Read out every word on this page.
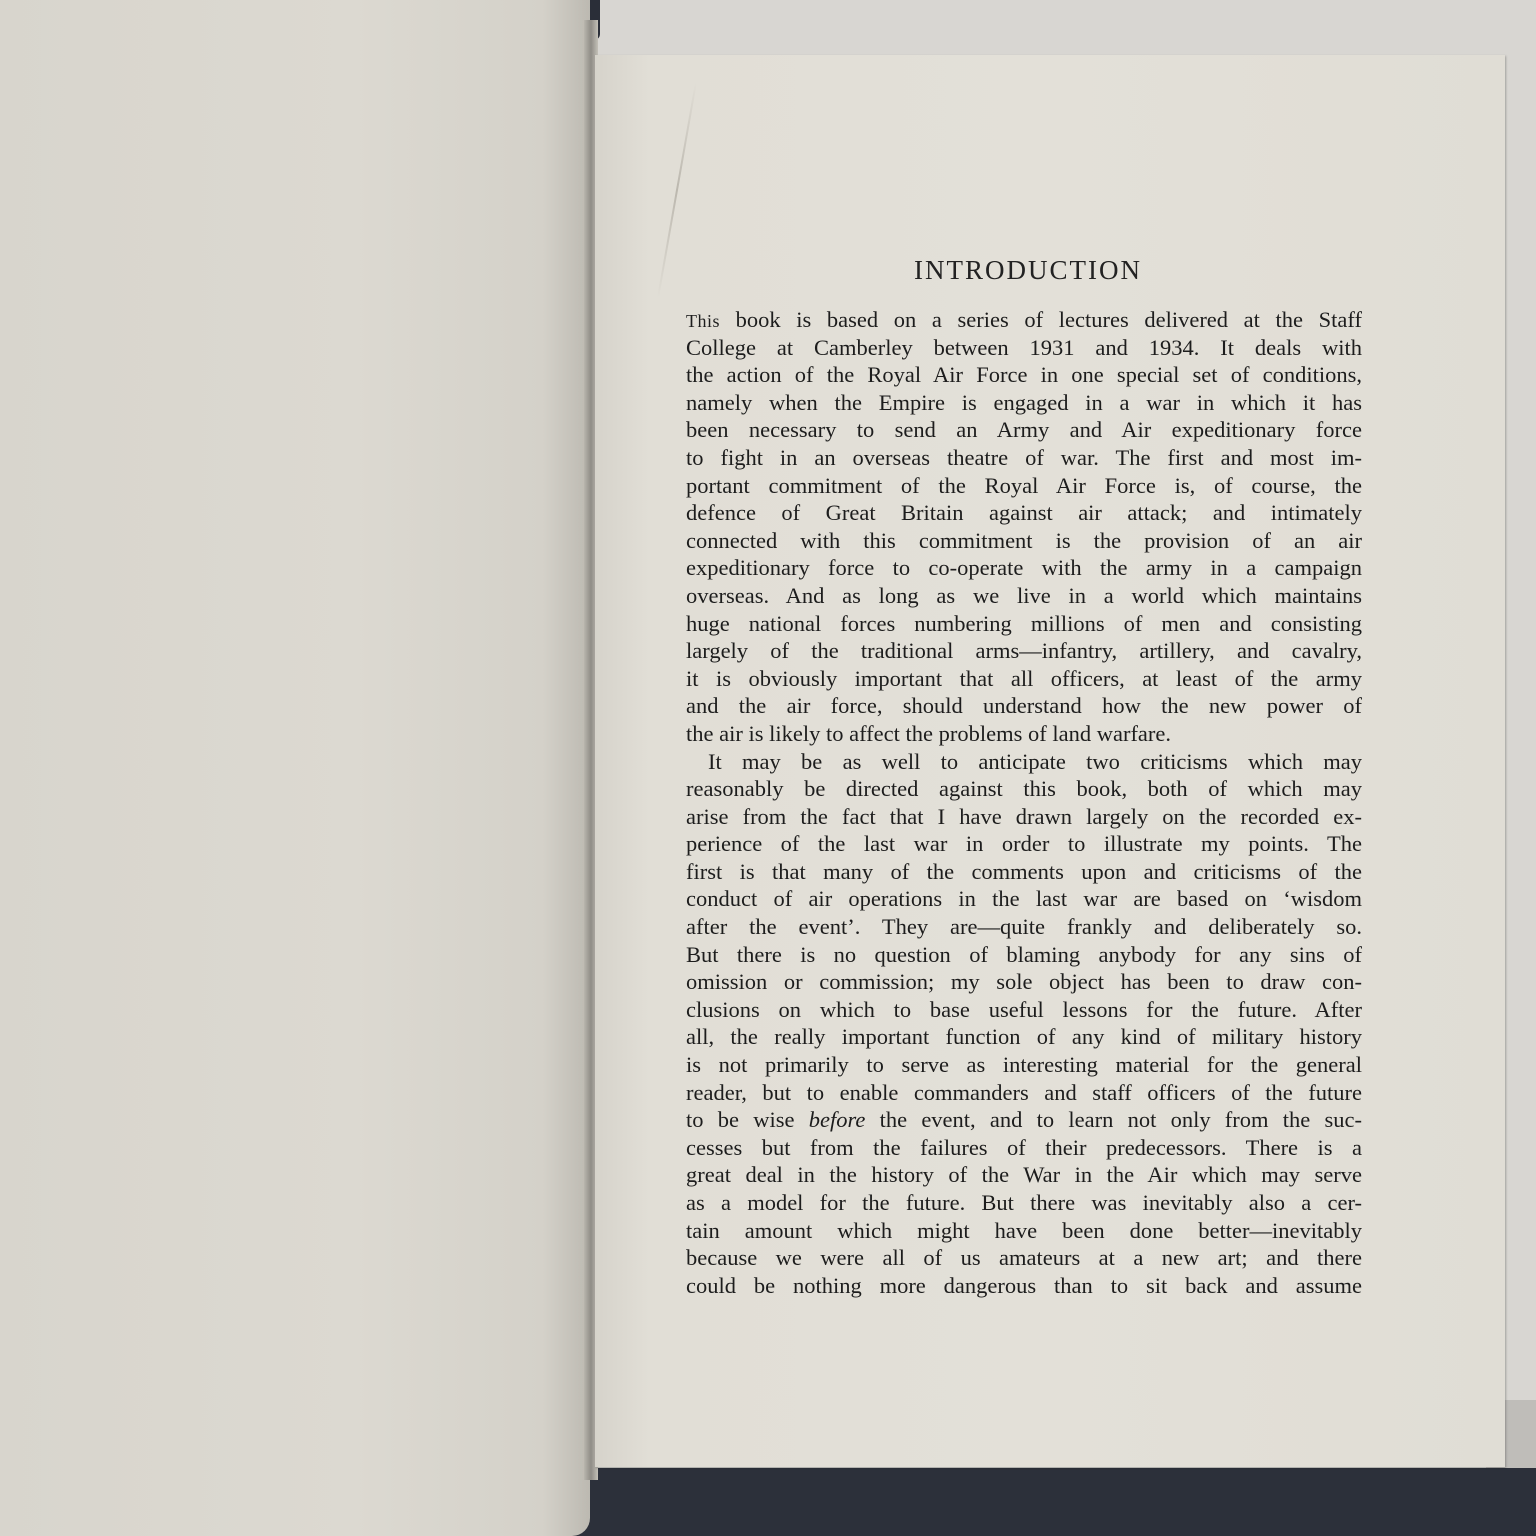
INTRODUCTION
This book is based on a series of lectures delivered at the Staff
College at Camberley between 1931 and 1934. It deals with
the action of the Royal Air Force in one special set of conditions,
namely when the Empire is engaged in a war in which it has
been necessary to send an Army and Air expeditionary force
to fight in an overseas theatre of war. The first and most im-
portant commitment of the Royal Air Force is, of course, the
defence of Great Britain against air attack; and intimately
connected with this commitment is the provision of an air
expeditionary force to co-operate with the army in a campaign
overseas. And as long as we live in a world which maintains
huge national forces numbering millions of men and consisting
largely of the traditional arms—infantry, artillery, and cavalry,
it is obviously important that all officers, at least of the army
and the air force, should understand how the new power of
the air is likely to affect the problems of land warfare.
It may be as well to anticipate two criticisms which may
reasonably be directed against this book, both of which may
arise from the fact that I have drawn largely on the recorded ex-
perience of the last war in order to illustrate my points. The
first is that many of the comments upon and criticisms of the
conduct of air operations in the last war are based on ‘wisdom
after the event’. They are—quite frankly and deliberately so.
But there is no question of blaming anybody for any sins of
omission or commission; my sole object has been to draw con-
clusions on which to base useful lessons for the future. After
all, the really important function of any kind of military history
is not primarily to serve as interesting material for the general
reader, but to enable commanders and staff officers of the future
to be wise before the event, and to learn not only from the suc-
cesses but from the failures of their predecessors. There is a
great deal in the history of the War in the Air which may serve
as a model for the future. But there was inevitably also a cer-
tain amount which might have been done better—inevitably
because we were all of us amateurs at a new art; and there
could be nothing more dangerous than to sit back and assume
